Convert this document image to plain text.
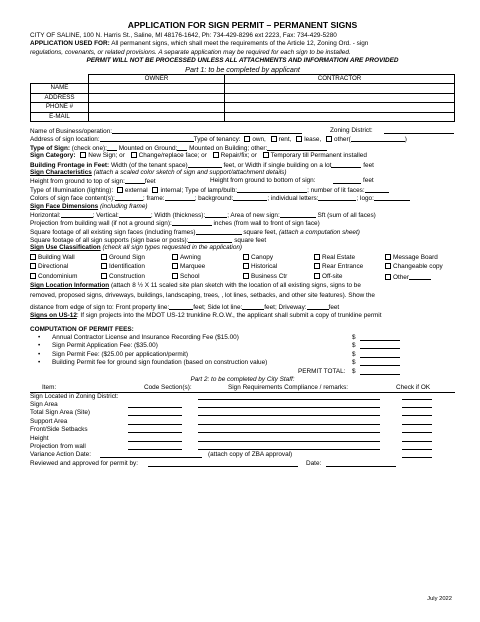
APPLICATION FOR SIGN PERMIT – PERMANENT SIGNS
CITY OF SALINE, 100 N. Harris St., Saline, MI 48176-1642, Ph: 734-429-8296 ext 2223, Fax: 734-429-5280
APPLICATION USED FOR: All permanent signs, which shall meet the requirements of the Article 12, Zoning Ord. - sign
regulations, covenants, or related provisions. A separate application may be required for each sign to be installed.
PERMIT WILL NOT BE PROCESSED UNLESS ALL ATTACHMENTS AND INFORMATION ARE PROVIDED
Part 1: to be completed by applicant
	OWNER	CONTRACTOR
NAME		
ADDRESS		
PHONE #		
E-MAIL		
Name of Business/operation:	Zoning District:
Address of sign location:	Type of tenancy: own, rent, lease, other(	)
Type of Sign: (check one); Mounted on Ground; Mounted on Building; other:
Sign Category: New Sign; or Change/replace face; or Repair/fix; or Temporary till Permanent installed
Building Frontage in Feet: Width (of the tenant space)	feet, or Width if single building on a lot	feet
Sign Characteristics (attach a scaled color sketch of sign and support/attachment details)
Height from ground to top of sign:	feet	Height from ground to bottom of sign:	feet
Type of Illumination (lighting): external internal; Type of lamp/bulb:	; number of lit faces:
Colors of sign face content(s):	; frame:	; background:	; individual letters:	; logo:
Sign Face Dimensions (including frame)
Horizontal:	; Vertical:	; Width (thickness):	; Area of new sign:	Sft (sum of all faces)
Projection from building wall (if not a ground sign):	inches (from wall to front of sign face)
Square footage of all existing sign faces (including frames)	square feet, (attach a computation sheet)
Square footage of all sign supports (sign base or posts):	square feet
Sign Use Classification (check all sign types requested in the application)
Building Wall	Ground Sign	Awning	Canopy	Real Estate	Message Board
Directional	Identification	Marquee	Historical	Rear Entrance	Changeable copy
Condominium	Construction	School	Business Ctr	Off-site	Other
Sign Location Information (attach 8 ½ X 11 scaled site plan sketch with the location of all existing signs, signs to be
removed, proposed signs, driveways, buildings, landscaping, trees, , lot lines, setbacks, and other site features). Show the
distance from edge of sign to: Front property line:	feet; Side lot line:	feet; Driveway:	feet
Signs on US-12: If sign projects into the MDOT US-12 trunkline R.O.W., the applicant shall submit a copy of trunkline permit
COMPUTATION OF PERMIT FEES:
• Annual Contractor License and Insurance Recording Fee ($15.00)	$
• Sign Permit Application Fee: ($35.00)	$
• Sign Permit Fee: ($25.00 per application/permit)	$
• Building Permit fee for ground sign foundation (based on construction value)	$
PERMIT TOTAL: $
Part 2: to be completed by City Staff:
Item:	Code Section(s):	Sign Requirements Compliance / remarks:	Check if OK
Sign Located in Zoning District:
Sign Area
Total Sign Area (Site)
Support Area
Front/Side Setbacks
Height
Projection from wall
Variance Action Date:	(attach copy of ZBA approval)
Reviewed and approved for permit by:	Date:
July 2022
